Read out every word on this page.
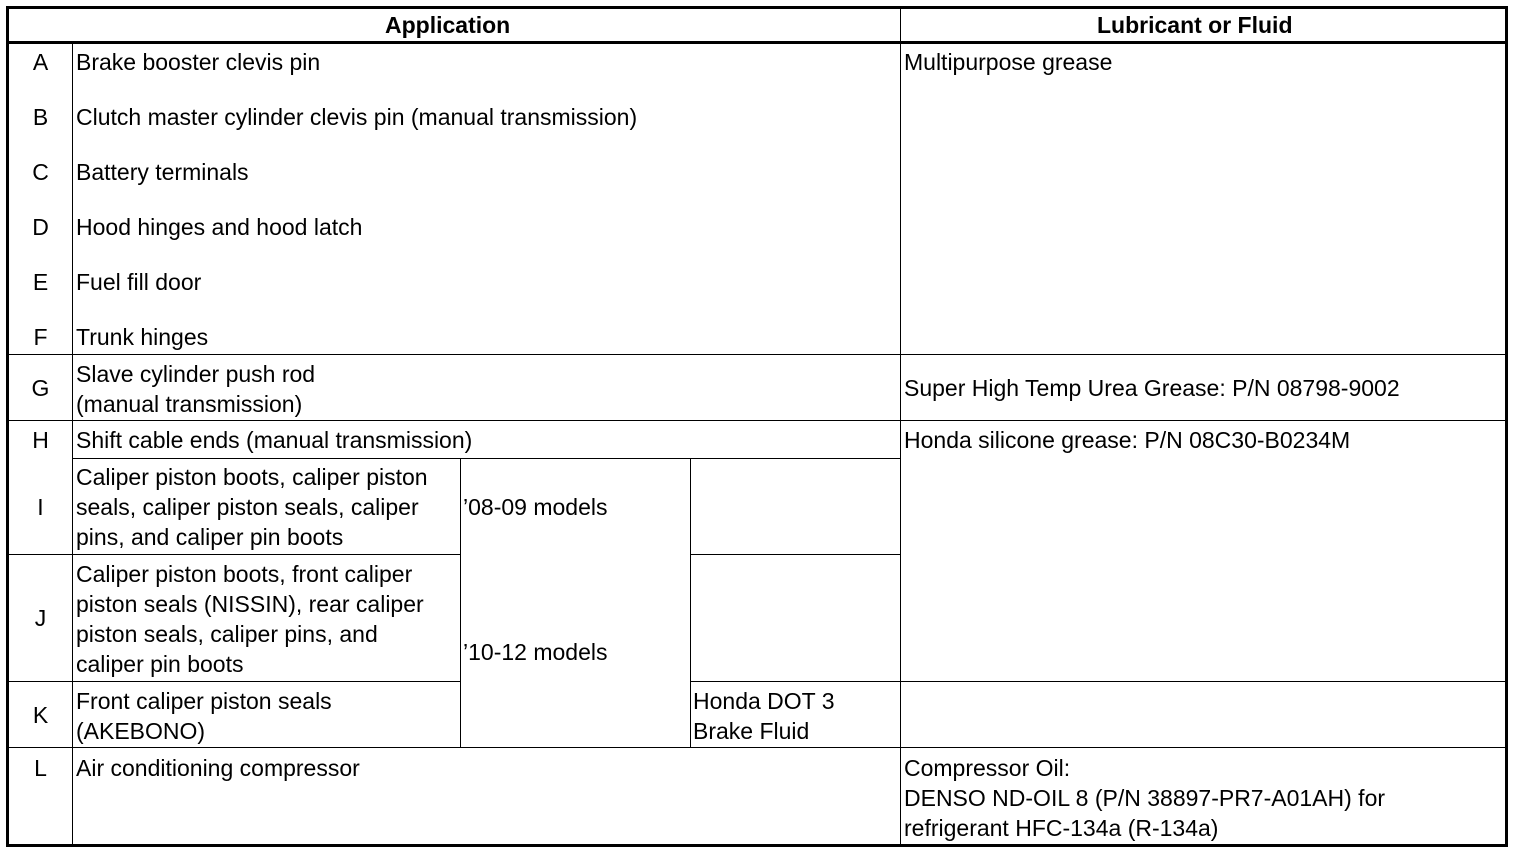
Application	Lubricant or Fluid
A
B
C
D
E
F
G
H
I
J
K
L
Brake booster clevis pin
Clutch master cylinder clevis pin (manual transmission)
Battery terminals
Hood hinges and hood latch
Fuel fill door
Trunk hinges
Slave cylinder push rod
(manual transmission)
Shift cable ends (manual transmission)
Caliper piston boots, caliper piston
seals, caliper piston seals, caliper
pins, and caliper pin boots
’08-09 models
Caliper piston boots, front caliper
piston seals (NISSIN), rear caliper
piston seals, caliper pins, and
caliper pin boots	’10-12 models
Front caliper piston seals
(AKEBONO)
Honda DOT 3
Brake Fluid
Air conditioning compressor
Multipurpose grease
Super High Temp Urea Grease: P/N 08798-9002
Honda silicone grease: P/N 08C30-B0234M
Compressor Oil:
DENSO ND-OIL 8 (P/N 38897-PR7-A01AH) for
refrigerant HFC-134a (R-134a)
